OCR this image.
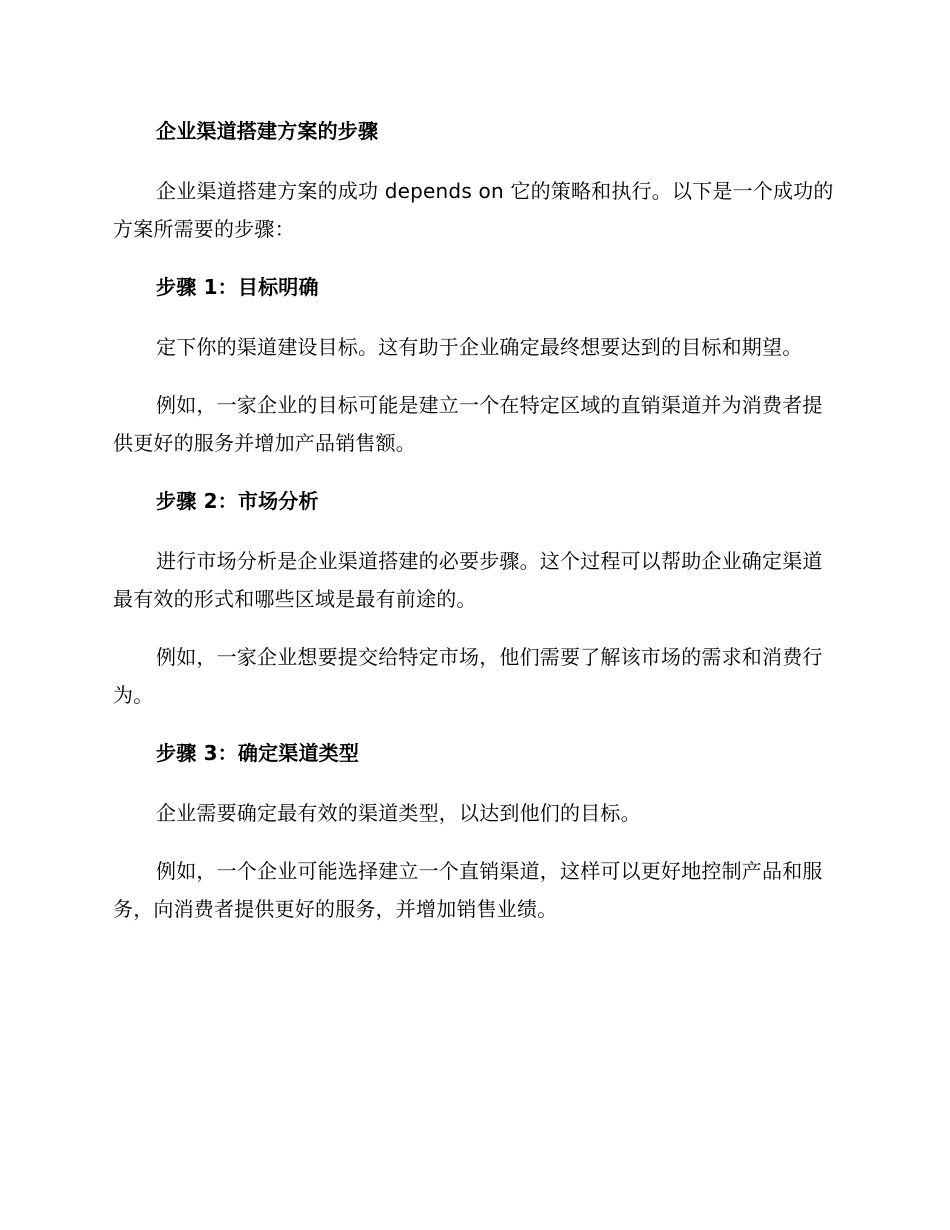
企业渠道搭建方案的步骤

企业渠道搭建方案的成功 depends on 它的策略和执行。以下是一个成功的方案所需要的步骤：

步骤 1：目标明确

定下你的渠道建设目标。这有助于企业确定最终想要达到的目标和期望。

例如，一家企业的目标可能是建立一个在特定区域的直销渠道并为消费者提供更好的服务并增加产品销售额。

步骤 2：市场分析

进行市场分析是企业渠道搭建的必要步骤。这个过程可以帮助企业确定渠道最有效的形式和哪些区域是最有前途的。

例如，一家企业想要提交给特定市场，他们需要了解该市场的需求和消费行为。

步骤 3：确定渠道类型

企业需要确定最有效的渠道类型，以达到他们的目标。

例如，一个企业可能选择建立一个直销渠道，这样可以更好地控制产品和服务，向消费者提供更好的服务，并增加销售业绩。
